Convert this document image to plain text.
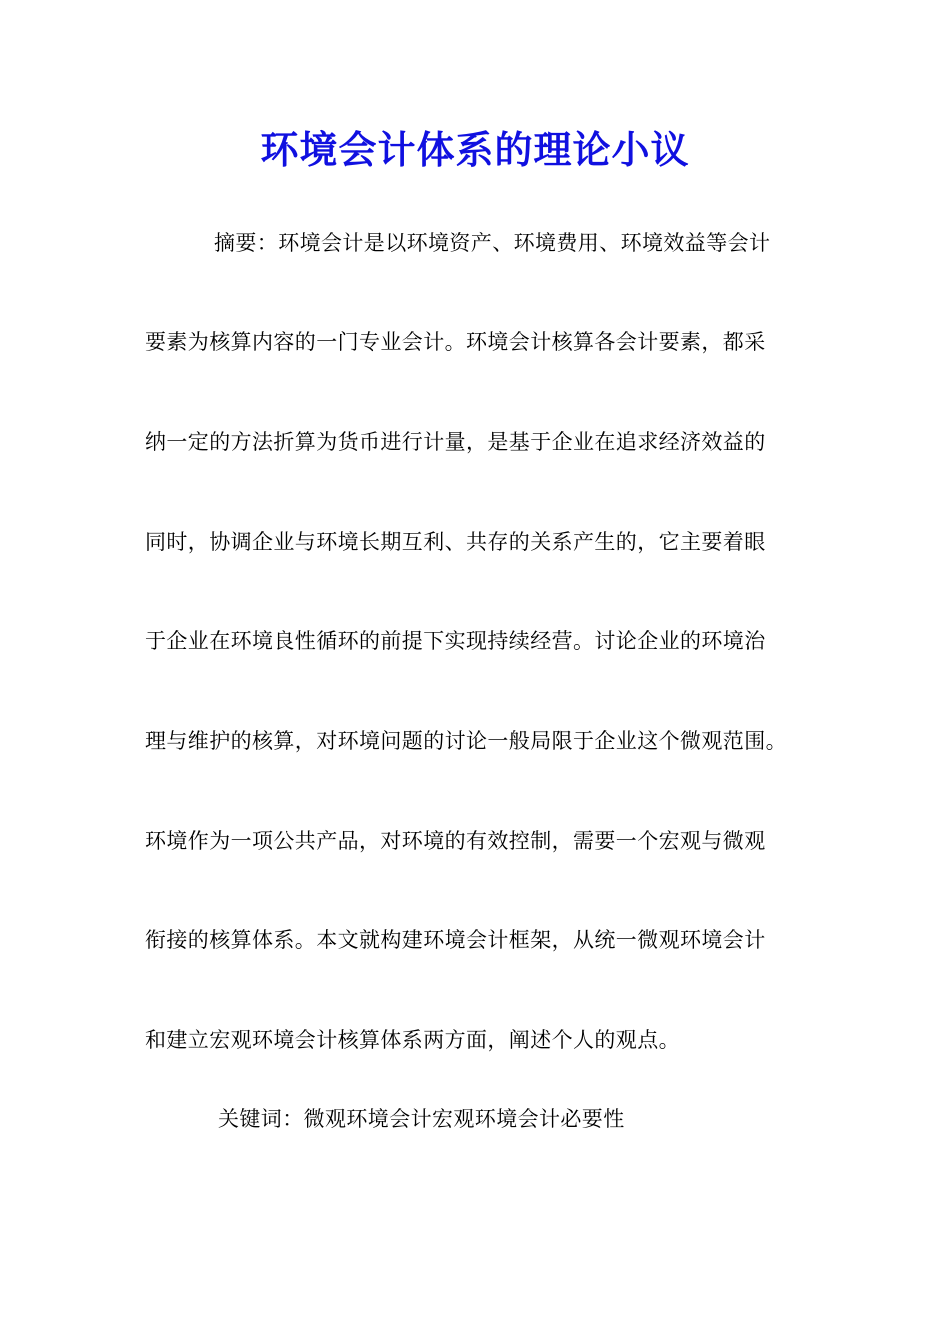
环境会计体系的理论小议
摘要：环境会计是以环境资产、环境费用、环境效益等会计
要素为核算内容的一门专业会计。环境会计核算各会计要素，都采
纳一定的方法折算为货币进行计量，是基于企业在追求经济效益的
同时，协调企业与环境长期互利、共存的关系产生的，它主要着眼
于企业在环境良性循环的前提下实现持续经营。讨论企业的环境治
理与维护的核算，对环境问题的讨论一般局限于企业这个微观范围。
环境作为一项公共产品，对环境的有效控制，需要一个宏观与微观
衔接的核算体系。本文就构建环境会计框架，从统一微观环境会计
和建立宏观环境会计核算体系两方面，阐述个人的观点。
关键词：微观环境会计宏观环境会计必要性
